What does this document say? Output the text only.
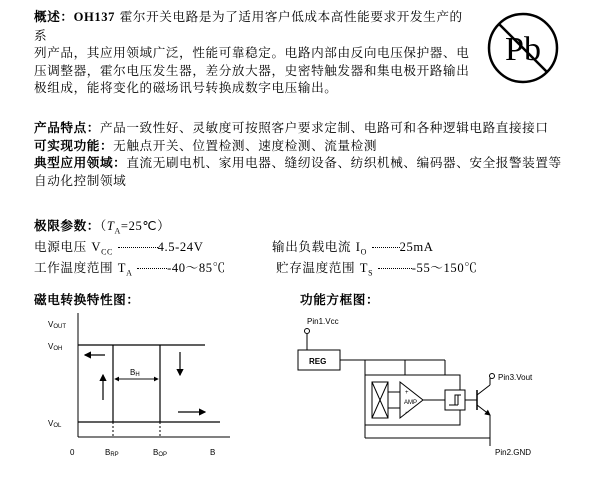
概述：OH137 霍尔开关电路是为了适用客户低成本高性能要求开发生产的系
列产品，其应用领域广泛，性能可靠稳定。电路内部由反向电压保护器、电
压调整器，霍尔电压发生器，差分放大器，史密特触发器和集电极开路输出
极组成，能将变化的磁场讯号转换成数字电压输出。
Pb
产品特点：产品一致性好、灵敏度可按照客户要求定制、电路可和各种逻辑电路直接接口
可实现功能：无触点开关、位置检测、速度检测、流量检测
典型应用领域：直流无刷电机、家用电器、缝纫设备、纺织机械、编码器、安全报警装置等
自动化控制领域
极限参数：$(T_A=25℃)$
电源电压 $V_{CC}$	4.5-24V	输出负载电流 $I_O$	25mA
工作温度范围 $T_A$	-40～85℃	贮存温度范围 $T_S$	-55～150℃
磁电转换特性图：	功能方框图：
VOUT
VOH
VOL
0	BRP	BOP	B
BH
Pin1.Vcc
REG
AMP
+
−
Pin3.Vout
Pin2.GND
